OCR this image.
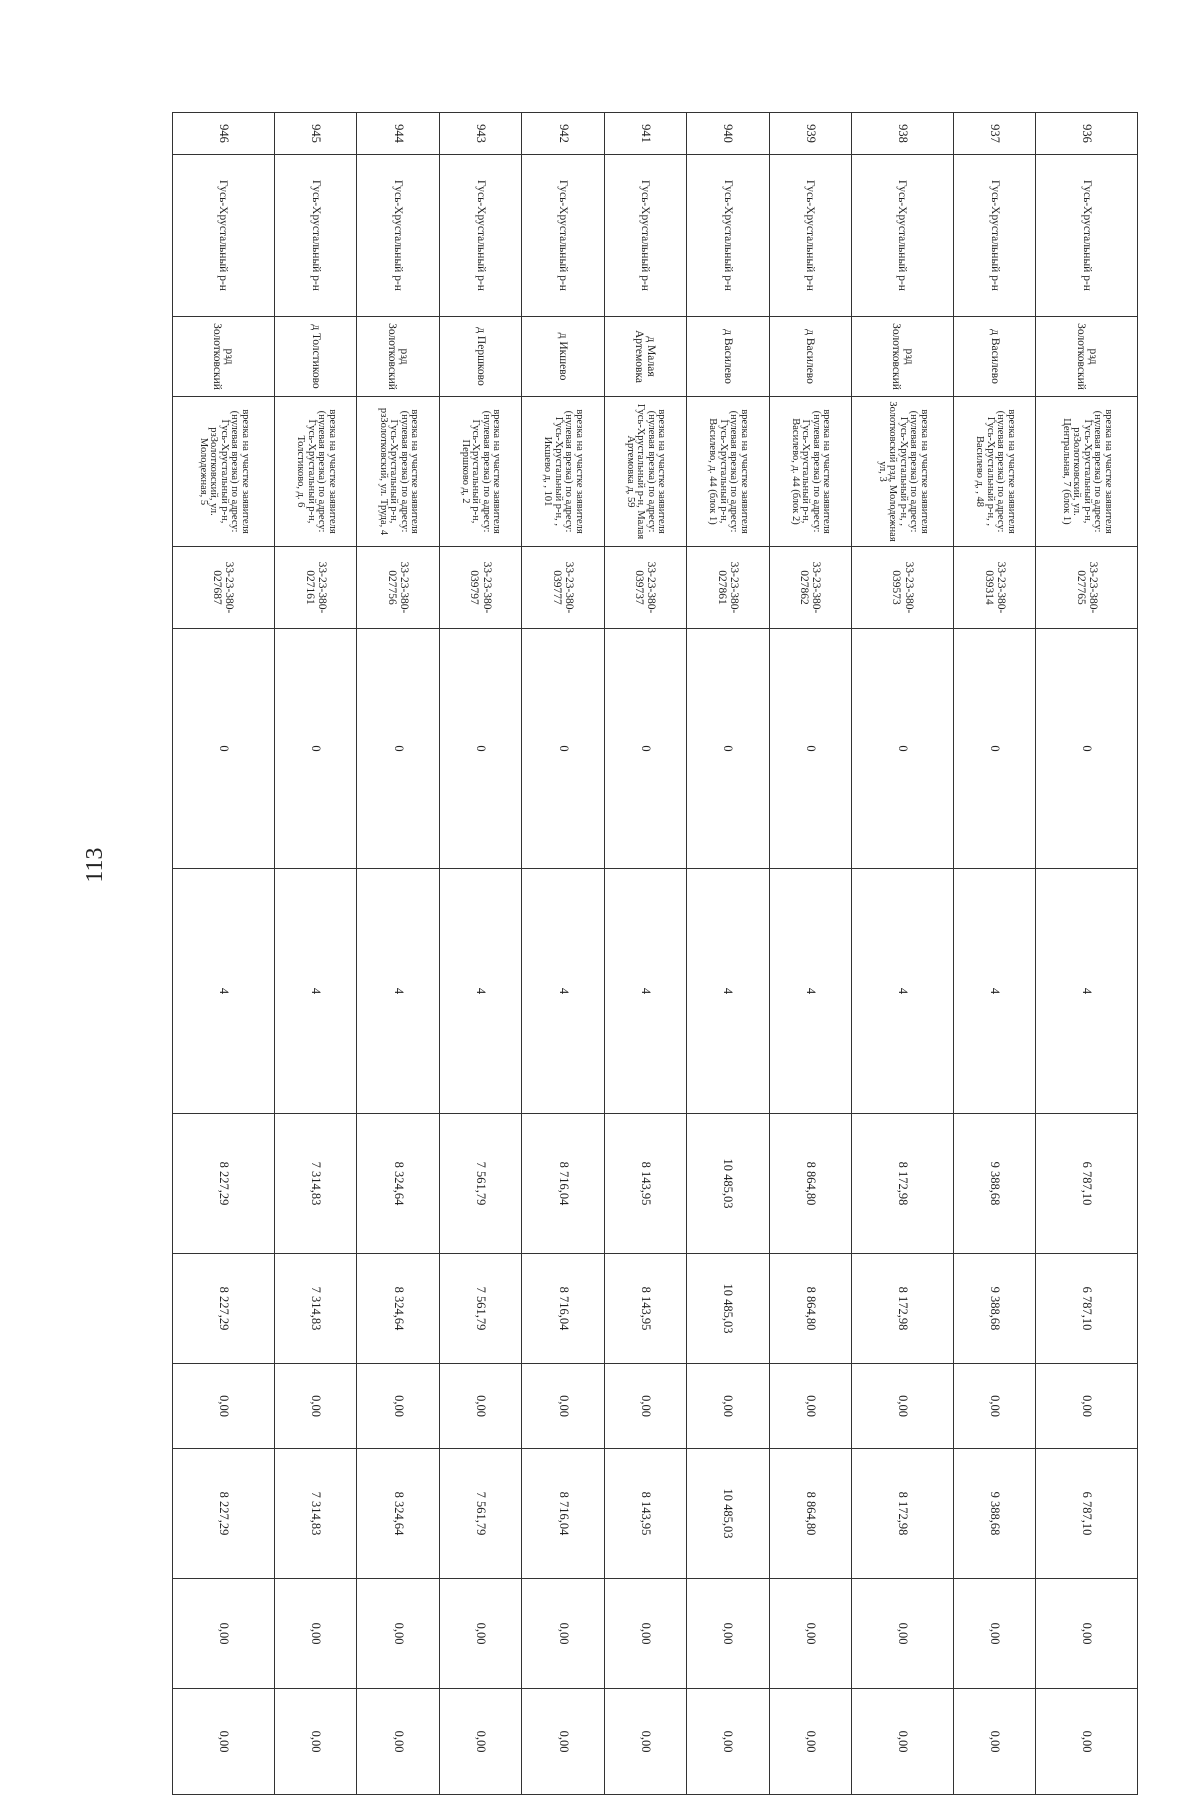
113
936	Гусь-Хрустальный р-н	рзд Золотковский	врезка на участке заявителя (нулевая врезка) по адресу: Гусь-Хрустальный р-н, рзЗолотковский, ул. Центральная, 7 (блок 1)	33-23-380-027765	0	4	6 787,10	6 787,10	0,00	6 787,10	0,00	0,00
937	Гусь-Хрустальный р-н	д Василево	врезка на участке заявителя (нулевая врезка) по адресу: Гусь-Хрустальный р-н, , Василево д, , 48	33-23-380-039314	0	4	9 388,68	9 388,68	0,00	9 388,68	0,00	0,00
938	Гусь-Хрустальный р-н	рзд Золотковский	врезка на участке заявителя (нулевая врезка) по адресу: Гусь-Хрустальный р-н, , Золотковский рзд, Молодежная ул, 3	33-23-380-039573	0	4	8 172,98	8 172,98	0,00	8 172,98	0,00	0,00
939	Гусь-Хрустальный р-н	д Василево	врезка на участке заявителя (нулевая врезка) по адресу: Гусь-Хрустальный р-н, Василево, д. 44 (блок 2)	33-23-380-027862	0	4	8 864,80	8 864,80	0,00	8 864,80	0,00	0,00
940	Гусь-Хрустальный р-н	д Василево	врезка на участке заявителя (нулевая врезка) по адресу: Гусь-Хрустальный р-н, Василево, д. 44 (блок 1)	33-23-380-027861	0	4	10 485,03	10 485,03	0,00	10 485,03	0,00	0,00
941	Гусь-Хрустальный р-н	д Малая Артемовка	врезка на участке заявителя (нулевая врезка) по адресу: Гусь-Хрустальный р-н, Малая Артемовка д, 59	33-23-380-039737	0	4	8 143,95	8 143,95	0,00	8 143,95	0,00	0,00
942	Гусь-Хрустальный р-н	д Икшево	врезка на участке заявителя (нулевая врезка) по адресу: Гусь-Хрустальный р-н, , Икшево д, , 101	33-23-380-039777	0	4	8 716,04	8 716,04	0,00	8 716,04	0,00	0,00
943	Гусь-Хрустальный р-н	д Першково	врезка на участке заявителя (нулевая врезка) по адресу: Гусь-Хрустальный р-н, Першково д, 2	33-23-380-039797	0	4	7 561,79	7 561,79	0,00	7 561,79	0,00	0,00
944	Гусь-Хрустальный р-н	рзд Золотковский	врезка на участке заявителя (нулевая врезка) по адресу: Гусь-Хрустальный р-н, рзЗолотковский, ул. Труда, 4	33-23-380-027756	0	4	8 324,64	8 324,64	0,00	8 324,64	0,00	0,00
945	Гусь-Хрустальный р-н	д Толстиково	врезка на участке заявителя (нулевая врезка) по адресу: Гусь-Хрустальный р-н, Толстиково, д. 6	33-23-380-027161	0	4	7 314,83	7 314,83	0,00	7 314,83	0,00	0,00
946	Гусь-Хрустальный р-н	рзд Золотковский	врезка на участке заявителя (нулевая врезка) по адресу: Гусь-Хрустальный р-н, рзЗолотковский, ул. Молодежная, 5	33-23-380-027687	0	4	8 227,29	8 227,29	0,00	8 227,29	0,00	0,00
